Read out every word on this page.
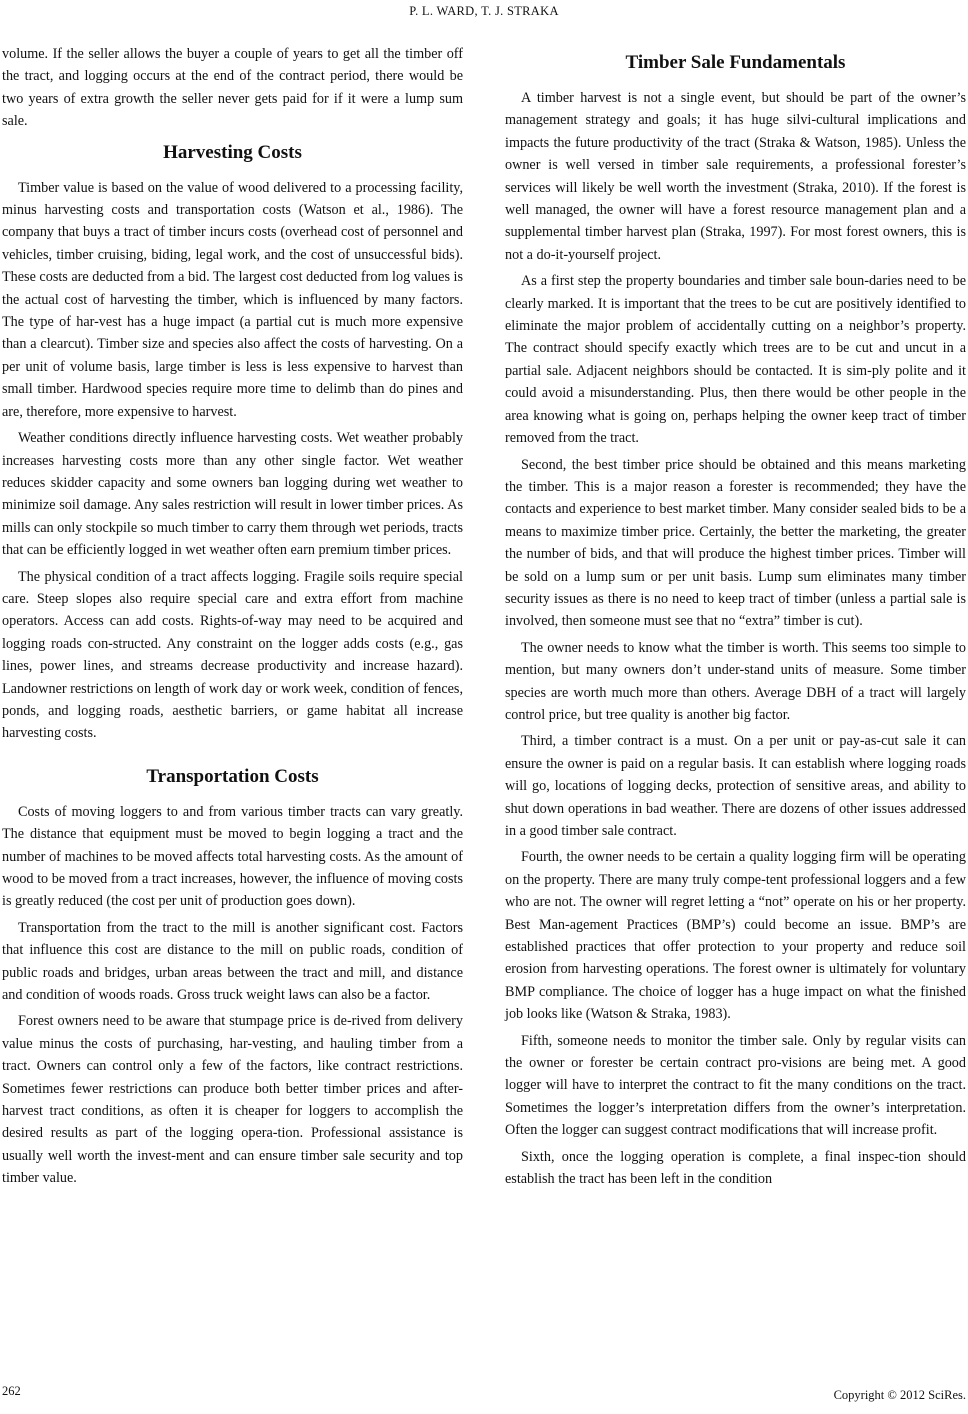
P. L. WARD, T. J. STRAKA

volume. If the seller allows the buyer a couple of years to get all the timber off the tract, and logging occurs at the end of the contract period, there would be two years of extra growth the seller never gets paid for if it were a lump sum sale.

Harvesting Costs

Timber value is based on the value of wood delivered to a processing facility, minus harvesting costs and transportation costs (Watson et al., 1986). The company that buys a tract of timber incurs costs (overhead cost of personnel and vehicles, timber cruising, biding, legal work, and the cost of unsuccessful bids). These costs are deducted from a bid. The largest cost deducted from log values is the actual cost of harvesting the timber, which is influenced by many factors. The type of har-vest has a huge impact (a partial cut is much more expensive than a clearcut). Timber size and species also affect the costs of harvesting. On a per unit of volume basis, large timber is less is less expensive to harvest than small timber. Hardwood species require more time to delimb than do pines and are, therefore, more expensive to harvest.

Weather conditions directly influence harvesting costs. Wet weather probably increases harvesting costs more than any other single factor. Wet weather reduces skidder capacity and some owners ban logging during wet weather to minimize soil damage. Any sales restriction will result in lower timber prices. As mills can only stockpile so much timber to carry them through wet periods, tracts that can be efficiently logged in wet weather often earn premium timber prices.

The physical condition of a tract affects logging. Fragile soils require special care. Steep slopes also require special care and extra effort from machine operators. Access can add costs. Rights-of-way may need to be acquired and logging roads con-structed. Any constraint on the logger adds costs (e.g., gas lines, power lines, and streams decrease productivity and increase hazard). Landowner restrictions on length of work day or work week, condition of fences, ponds, and logging roads, aesthetic barriers, or game habitat all increase harvesting costs.

Transportation Costs

Costs of moving loggers to and from various timber tracts can vary greatly. The distance that equipment must be moved to begin logging a tract and the number of machines to be moved affects total harvesting costs. As the amount of wood to be moved from a tract increases, however, the influence of moving costs is greatly reduced (the cost per unit of production goes down).

Transportation from the tract to the mill is another significant cost. Factors that influence this cost are distance to the mill on public roads, condition of public roads and bridges, urban areas between the tract and mill, and distance and condition of woods roads. Gross truck weight laws can also be a factor.

Forest owners need to be aware that stumpage price is de-rived from delivery value minus the costs of purchasing, har-vesting, and hauling timber from a tract. Owners can control only a few of the factors, like contract restrictions. Sometimes fewer restrictions can produce both better timber prices and after-harvest tract conditions, as often it is cheaper for loggers to accomplish the desired results as part of the logging opera-tion. Professional assistance is usually well worth the invest-ment and can ensure timber sale security and top timber value.

Timber Sale Fundamentals

A timber harvest is not a single event, but should be part of the owner’s management strategy and goals; it has huge silvi-cultural implications and impacts the future productivity of the tract (Straka & Watson, 1985). Unless the owner is well versed in timber sale requirements, a professional forester’s services will likely be well worth the investment (Straka, 2010). If the forest is well managed, the owner will have a forest resource management plan and a supplemental timber harvest plan (Straka, 1997). For most forest owners, this is not a do-it-yourself project.

As a first step the property boundaries and timber sale boun-daries need to be clearly marked. It is important that the trees to be cut are positively identified to eliminate the major problem of accidentally cutting on a neighbor’s property. The contract should specify exactly which trees are to be cut and uncut in a partial sale. Adjacent neighbors should be contacted. It is sim-ply polite and it could avoid a misunderstanding. Plus, then there would be other people in the area knowing what is going on, perhaps helping the owner keep tract of timber removed from the tract.

Second, the best timber price should be obtained and this means marketing the timber. This is a major reason a forester is recommended; they have the contacts and experience to best market timber. Many consider sealed bids to be a means to maximize timber price. Certainly, the better the marketing, the greater the number of bids, and that will produce the highest timber prices. Timber will be sold on a lump sum or per unit basis. Lump sum eliminates many timber security issues as there is no need to keep tract of timber (unless a partial sale is involved, then someone must see that no “extra” timber is cut).

The owner needs to know what the timber is worth. This seems too simple to mention, but many owners don’t under-stand units of measure. Some timber species are worth much more than others. Average DBH of a tract will largely control price, but tree quality is another big factor.

Third, a timber contract is a must. On a per unit or pay-as-cut sale it can ensure the owner is paid on a regular basis. It can establish where logging roads will go, locations of logging decks, protection of sensitive areas, and ability to shut down operations in bad weather. There are dozens of other issues addressed in a good timber sale contract.

Fourth, the owner needs to be certain a quality logging firm will be operating on the property. There are many truly compe-tent professional loggers and a few who are not. The owner will regret letting a “not” operate on his or her property. Best Man-agement Practices (BMP’s) could become an issue. BMP’s are established practices that offer protection to your property and reduce soil erosion from harvesting operations. The forest owner is ultimately for voluntary BMP compliance. The choice of logger has a huge impact on what the finished job looks like (Watson & Straka, 1983).

Fifth, someone needs to monitor the timber sale. Only by regular visits can the owner or forester be certain contract pro-visions are being met. A good logger will have to interpret the contract to fit the many conditions on the tract. Sometimes the logger’s interpretation differs from the owner’s interpretation. Often the logger can suggest contract modifications that will increase profit.

Sixth, once the logging operation is complete, a final inspec-tion should establish the tract has been left in the condition

262	Copyright © 2012 SciRes.
